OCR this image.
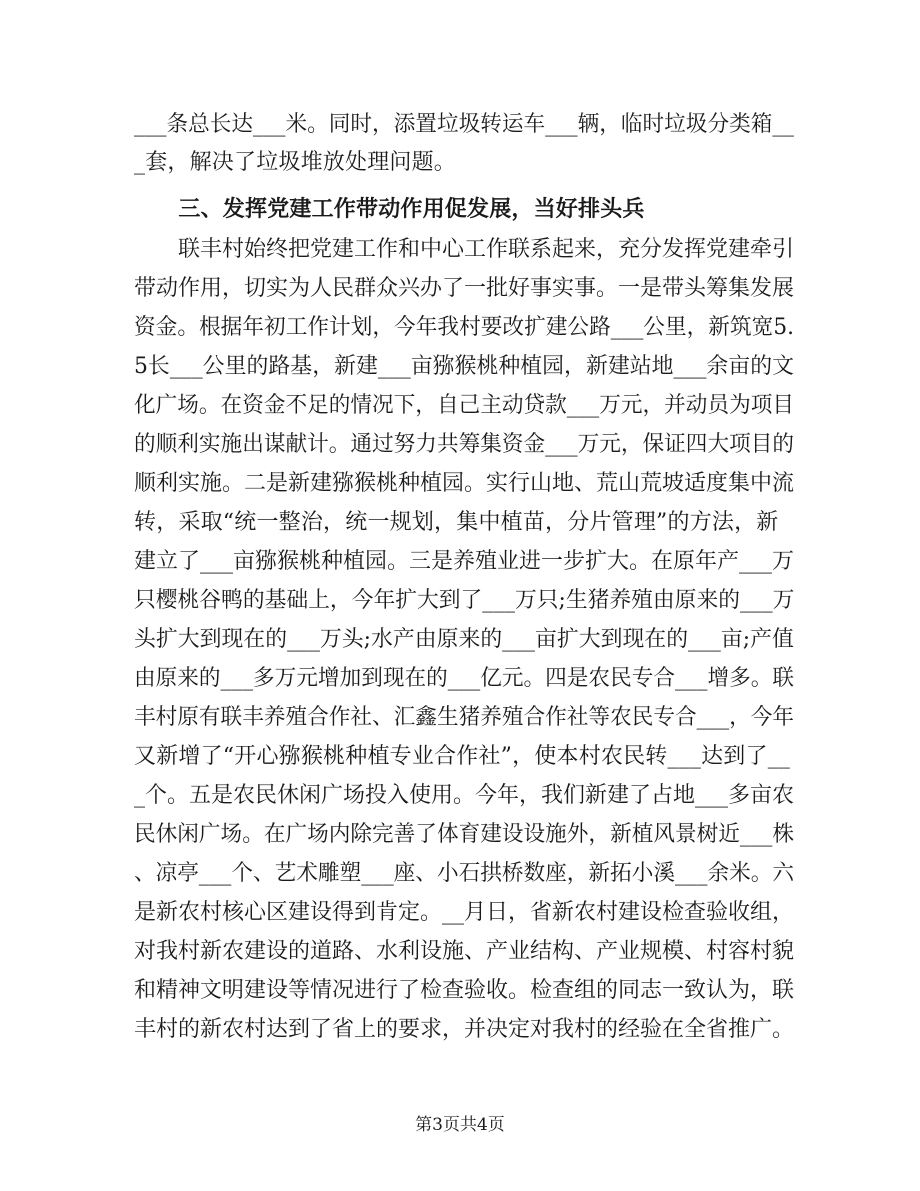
___条总长达___米。同时，添置垃圾转运车___辆，临时垃圾分类箱__
_套，解决了垃圾堆放处理问题。
　　三、发挥党建工作带动作用促发展，当好排头兵
　　联丰村始终把党建工作和中心工作联系起来，充分发挥党建牵引
带动作用，切实为人民群众兴办了一批好事实事。一是带头筹集发展
资金。根据年初工作计划，今年我村要改扩建公路___公里，新筑宽5.
5长___公里的路基，新建___亩猕猴桃种植园，新建站地___余亩的文
化广场。在资金不足的情况下，自己主动贷款___万元，并动员为项目
的顺利实施出谋献计。通过努力共筹集资金___万元，保证四大项目的
顺利实施。二是新建猕猴桃种植园。实行山地、荒山荒坡适度集中流
转，采取“统一整治，统一规划，集中植苗，分片管理”的方法，新
建立了___亩猕猴桃种植园。三是养殖业进一步扩大。在原年产___万
只樱桃谷鸭的基础上，今年扩大到了___万只;生猪养殖由原来的___万
头扩大到现在的___万头;水产由原来的___亩扩大到现在的___亩;产值
由原来的___多万元增加到现在的___亿元。四是农民专合___增多。联
丰村原有联丰养殖合作社、汇鑫生猪养殖合作社等农民专合___，今年
又新增了“开心猕猴桃种植专业合作社”，使本村农民转___达到了__
_个。五是农民休闲广场投入使用。今年，我们新建了占地___多亩农
民休闲广场。在广场内除完善了体育建设设施外，新植风景树近___株
、凉亭___个、艺术雕塑___座、小石拱桥数座，新拓小溪___余米。六
是新农村核心区建设得到肯定。__月日，省新农村建设检查验收组，
对我村新农建设的道路、水利设施、产业结构、产业规模、村容村貌
和精神文明建设等情况进行了检查验收。检查组的同志一致认为，联
丰村的新农村达到了省上的要求，并决定对我村的经验在全省推广。
第3页共4页
